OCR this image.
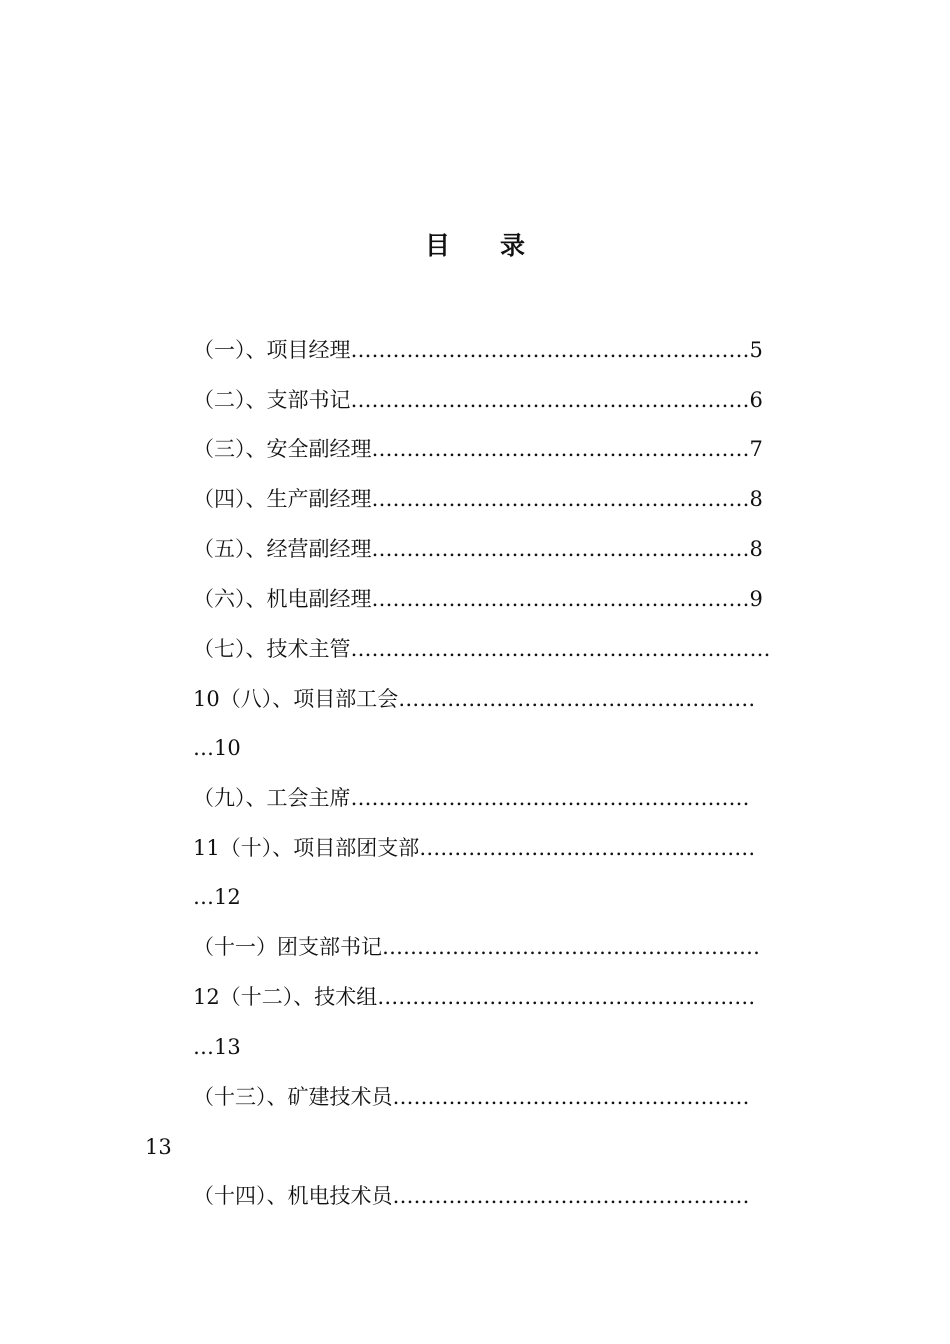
目　　录

（一）、项目经理…………………………………………………5

（二）、支部书记…………………………………………………6

（三）、安全副经理………………………………………………7

（四）、生产副经理………………………………………………8

（五）、经营副经理………………………………………………8

（六）、机电副经理………………………………………………9

（七）、技术主管……………………………………………………

10（八）、项目部工会……………………………………………

…10

（九）、工会主席…………………………………………………

11（十）、项目部团支部…………………………………………

…12

（十一）团支部书记………………………………………………

12（十二）、技术组………………………………………………

…13

（十三）、矿建技术员……………………………………………

13

（十四）、机电技术员……………………………………………
